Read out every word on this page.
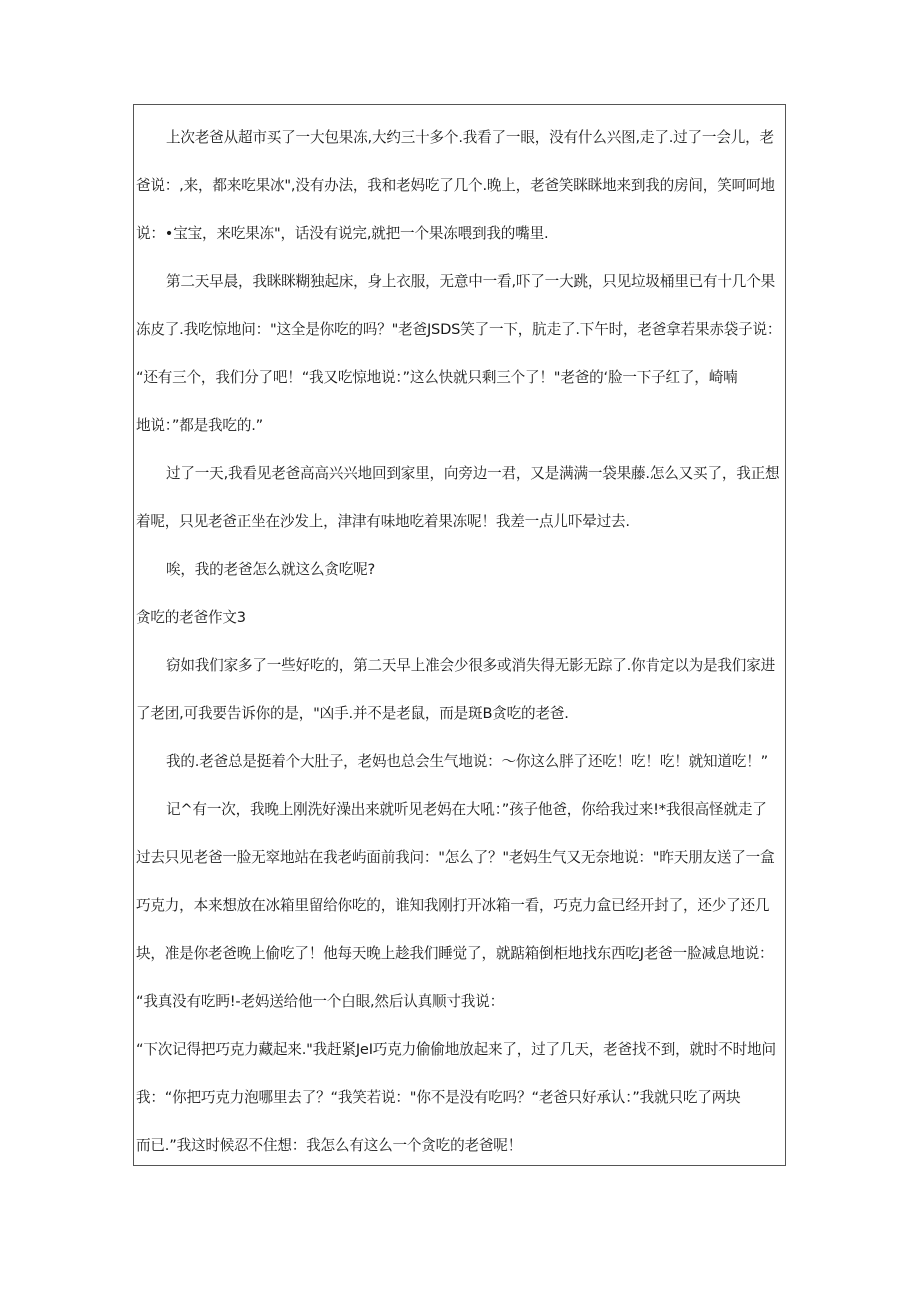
上次老爸从超市买了一大包果冻,大约三十多个.我看了一眼，没有什么兴图,走了.过了一会儿，老
爸说：,来，都来吃果冰",没有办法，我和老妈吃了几个.晚上，老爸笑眯眯地来到我的房间，笑呵呵地
说：•宝宝，来吃果冻"，话没有说完,就把一个果冻喂到我的嘴里.
第二天早晨，我眯眯糊独起床，身上衣服，无意中一看,吓了一大跳，只见垃圾桶里已有十几个果
冻皮了.我吃惊地问："这全是你吃的吗？"老爸JSDS笑了一下，肮走了.下午时，老爸拿若果赤袋子说：
“还有三个，我们分了吧！“我又吃惊地说：”这么快就只剩三个了！"老爸的‘脸一下子红了，崎喃
地说：”都是我吃的.”
过了一天,我看见老爸高高兴兴地回到家里，向旁边一君，又是满满一袋果藤.怎么又买了，我正想
着呢，只见老爸正坐在沙发上，津津有味地吃着果冻呢！我差一点儿吓晕过去.
唉，我的老爸怎么就这么贪吃呢?
贪吃的老爸作文3
窃如我们家多了一些好吃的，第二天早上准会少很多或消失得无影无踪了.你肯定以为是我们家进
了老团,可我要告诉你的是，"凶手.并不是老鼠，而是斑B贪吃的老爸.
我的.老爸总是挺着个大肚子，老妈也总会生气地说：〜你这么胖了还吃！吃！吃！就知道吃！”
记^有一次，我晚上刚洗好澡出来就听见老妈在大吼：”孩子他爸，你给我过来!*我很高怪就走了
过去只见老爸一脸无窣地站在我老屿面前我问："怎么了？"老妈生气又无奈地说："昨天朋友送了一盒
巧克力，本来想放在冰箱里留给你吃的，谁知我刚打开冰箱一看，巧克力盒已经开封了，还少了还几
块，准是你老爸晚上偷吃了！他每天晚上趁我们睡觉了，就踮箱倒柜地找东西吃J老爸一脸减息地说：
“我真没有吃眄!-老妈送给他一个白眼,然后认真顺寸我说：
“下次记得把巧克力藏起来."我赶紧JeI巧克力偷偷地放起来了，过了几天，老爸找不到，就时不时地问
我：“你把巧克力泡哪里去了？“我笑若说："你不是没有吃吗？“老爸只好承认：”我就只吃了两块
而已.”我这时候忍不住想：我怎么有这么一个贪吃的老爸呢！
